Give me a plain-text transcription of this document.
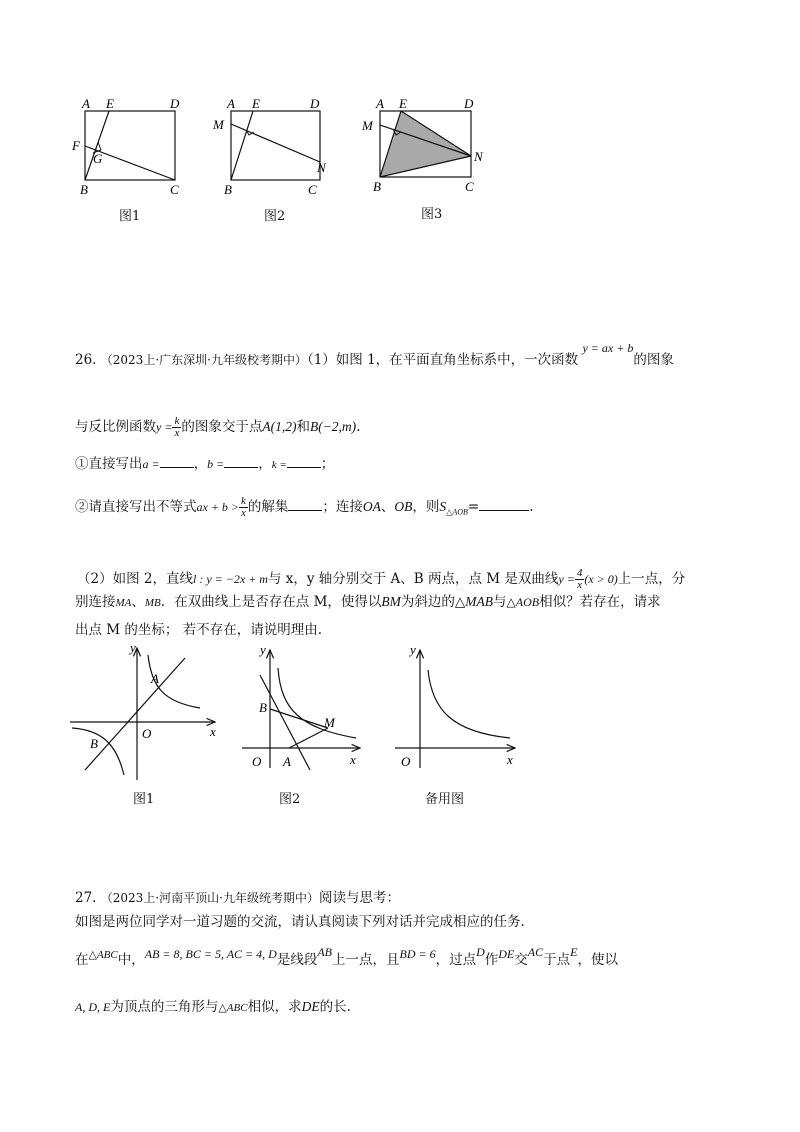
A E	D
F
G
B	C
A E	D
M
N
B	C
A E	D
M
N
B	C
图1	图2	图3
26. （2023上·广东深圳·九年级校考期中）（1）如图 1，在平面直角坐标系中，一次函数 y = ax + b的图象
与反比例函数$y = \frac{k}{x}$ 的图象交于点A(1,2)和B(−2,m).
①直接写出a =	，b =	，k =	；
②请直接写出不等式ax + $b > \frac{k}{x}$ 的解集	；连接OA、OB，则$S_{\triangle AOB}=$	.
（2）如图 2，直线l : y = −2x + m与 x，y 轴分别交于 A、B 两点，点 M 是双曲线$y = \frac{4}{x} (x > 0)$上一点，分
别连接MA、MB．在双曲线上是否存在点 M，使得以BM为斜边的△MAB与△AOB相似？若存在，请求
出点 M 的坐标； 若不存在，请说明理由.
y
x
O
A
B
y
x
O
B
A
M
y
x
O
图1	图2	备用图
27. （2023上·河南平顶山·九年级统考期中）阅读与思考：
如图是两位同学对一道习题的交流，请认真阅读下列对话并完成相应的任务.
在$^{\triangle ABC}$中，AB = 8, BC = 5, AC = 4, D是线段AB上一点，且BD = 6，过点D作DE交AC于点E，使以
A, D, E为顶点的三角形与△ABC相似，求DE的长.
